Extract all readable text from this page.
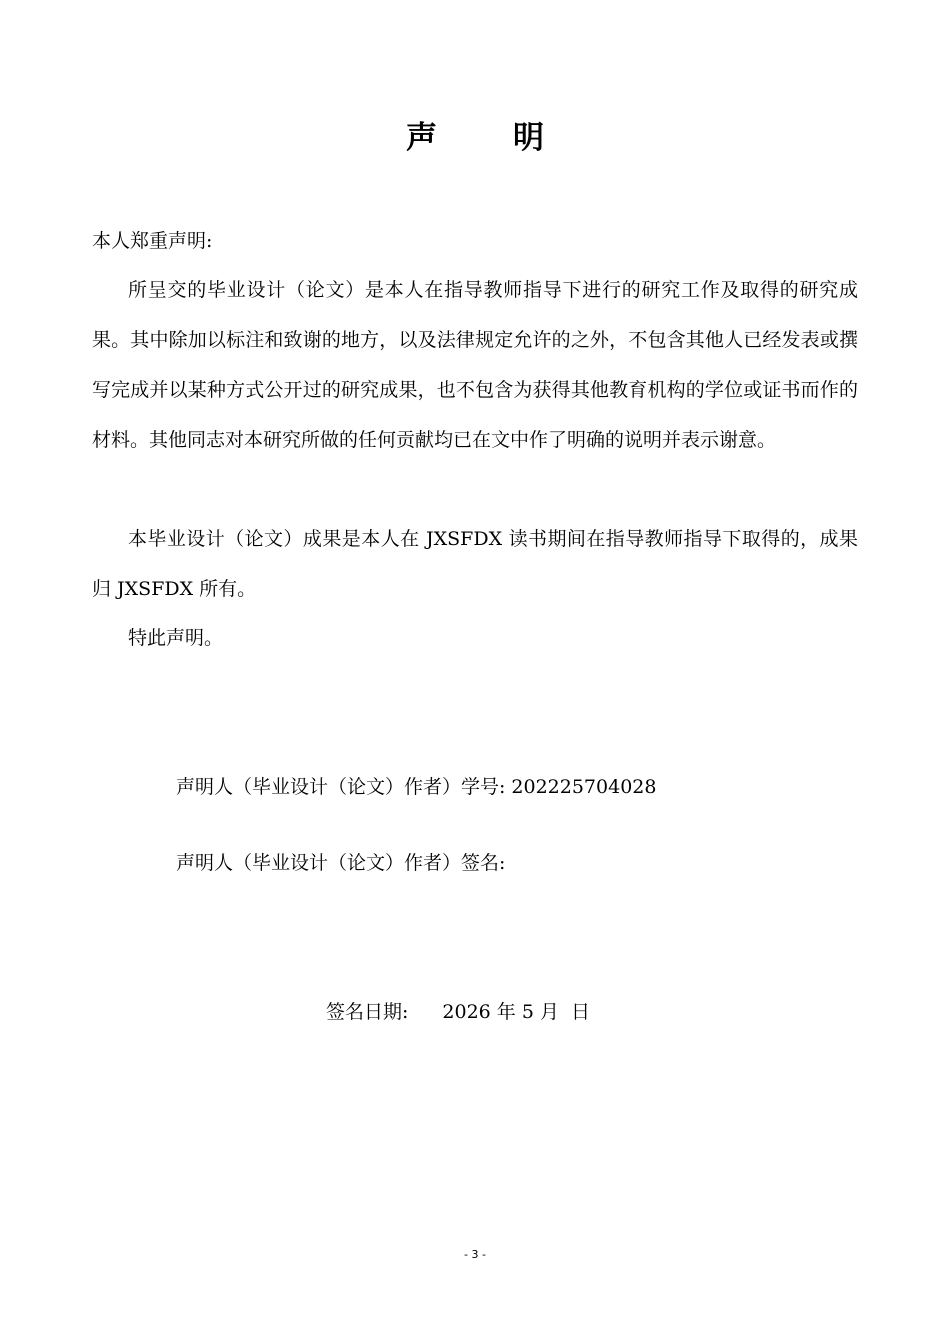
声明
本人郑重声明:

所呈交的毕业设计（论文）是本人在指导教师指导下进行的研究工作及取得的研究成果。其中除加以标注和致谢的地方，以及法律规定允许的之外，不包含其他人已经发表或撰写完成并以某种方式公开过的研究成果，也不包含为获得其他教育机构的学位或证书而作的材料。其他同志对本研究所做的任何贡献均已在文中作了明确的说明并表示谢意。

本毕业设计（论文）成果是本人在 JXSFDX 读书期间在指导教师指导下取得的，成果归 JXSFDX 所有。

特此声明。

声明人（毕业设计（论文）作者）学号: 202225704028
声明人（毕业设计（论文）作者）签名:
签名日期: 2026 年 5 月  日
- 3 -
